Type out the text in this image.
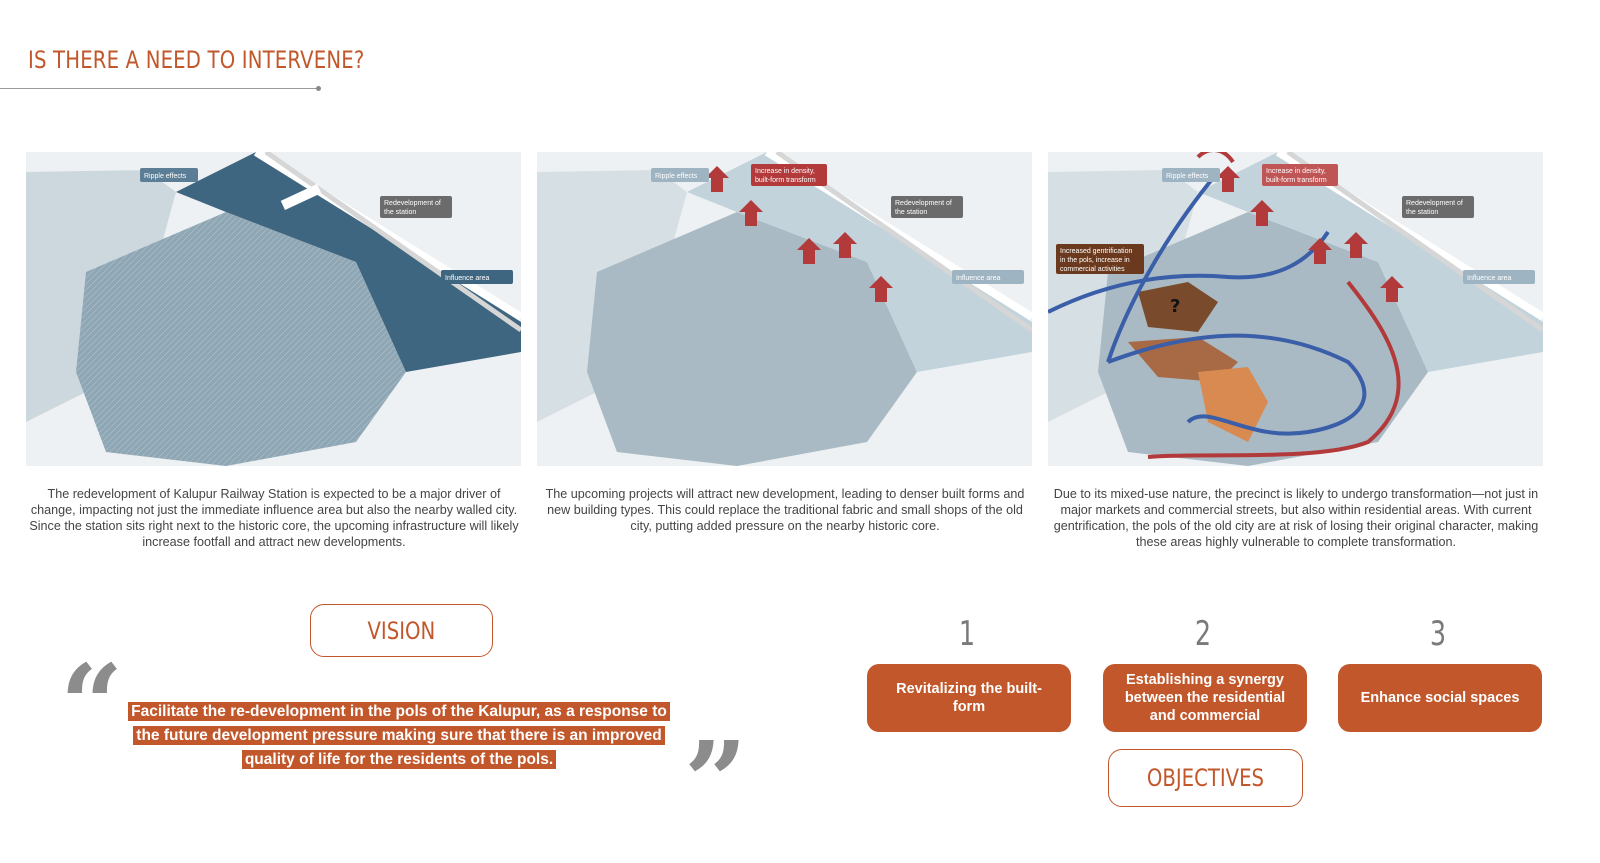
IS THERE A NEED TO INTERVENE?
Ripple effects
Redevelopment of
the station
Influence area
Ripple effects
Increase in density,
built-form transform
Redevelopment of
the station
Influence area
?
Ripple effects
Increase in density,
built-form transform
Redevelopment of
the station
Influence area
Increased gentrification
in the pols, increase in
commercial activities

The redevelopment of Kalupur Railway Station is expected to be a major driver of change, impacting not just the immediate influence area but also the nearby walled city. Since the station sits right next to the historic core, the upcoming infrastructure will likely increase footfall and attract new developments.

The upcoming projects will attract new development, leading to denser built forms and new building types. This could replace the traditional fabric and small shops of the old city, putting added pressure on the nearby historic core.

Due to its mixed-use nature, the precinct is likely to undergo transformation—not just in major markets and commercial streets, but also within residential areas. With current gentrification, the pols of the old city are at risk of losing their original character, making these areas highly vulnerable to complete transformation.

VISION
“ Facilitate the re-development in the pols of the Kalupur, as a response to the future development pressure making sure that there is an improved quality of life for the residents of the pols.	”
1	2	3
Revitalizing the built-form
Establishing a synergy between the residential and commercial
Enhance social spaces
OBJECTIVES
